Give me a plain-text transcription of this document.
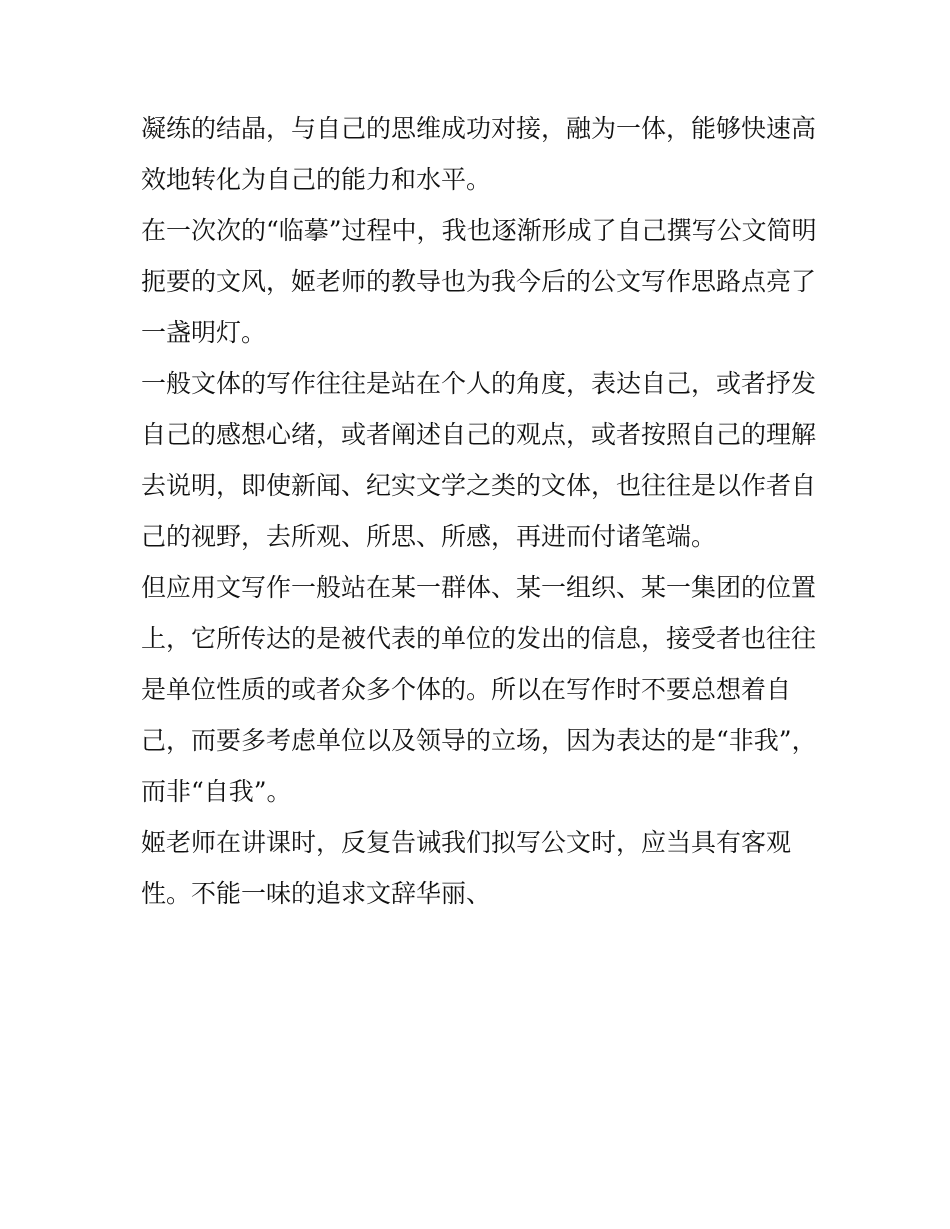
凝练的结晶，与自己的思维成功对接，融为一体，能够快速高
效地转化为自己的能力和水平。
在一次次的“临摹”过程中，我也逐渐形成了自己撰写公文简明
扼要的文风，姬老师的教导也为我今后的公文写作思路点亮了
一盏明灯。
一般文体的写作往往是站在个人的角度，表达自己，或者抒发
自己的感想心绪，或者阐述自己的观点，或者按照自己的理解
去说明，即使新闻、纪实文学之类的文体，也往往是以作者自
己的视野，去所观、所思、所感，再进而付诸笔端。
但应用文写作一般站在某一群体、某一组织、某一集团的位置
上，它所传达的是被代表的单位的发出的信息，接受者也往往
是单位性质的或者众多个体的。所以在写作时不要总想着自
己，而要多考虑单位以及领导的立场，因为表达的是“非我”，
而非“自我”。
姬老师在讲课时，反复告诫我们拟写公文时，应当具有客观
性。不能一味的追求文辞华丽、
